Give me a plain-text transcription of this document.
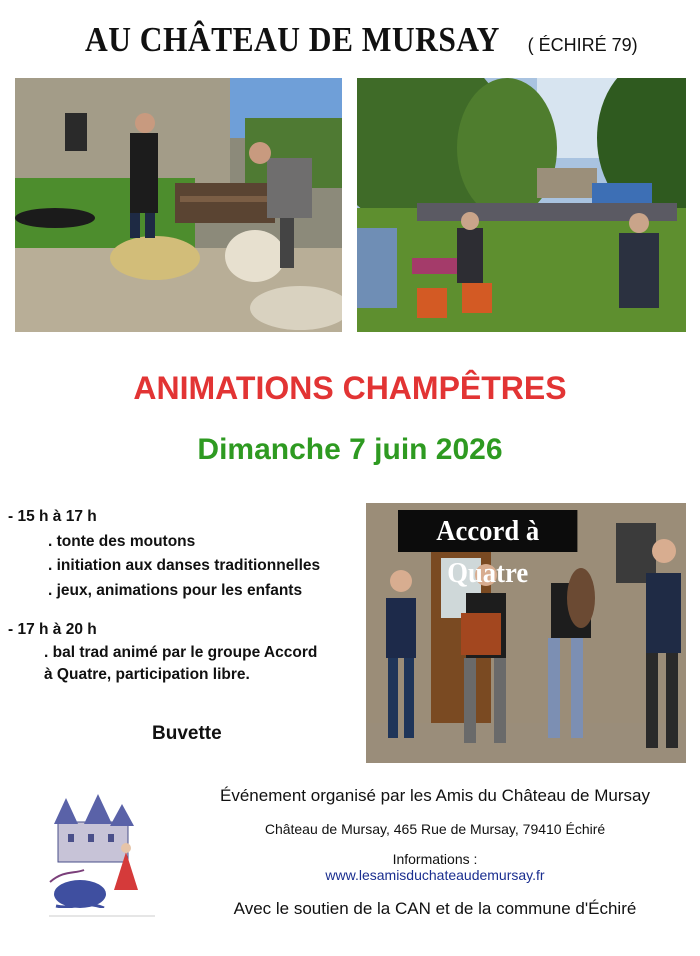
AU CHÂTEAU DE MURSAY ( ÉCHIRÉ 79)
ANIMATIONS CHAMPÊTRES
Dimanche 7 juin 2026
- 15 h à 17 h
. tonte des moutons
. initiation aux danses traditionnelles
. jeux, animations pour les enfants
- 17 h à 20 h
. bal trad animé par le groupe Accord
à Quatre, participation libre.
Buvette
Accord à Quatre
Événement organisé par les Amis du Château de Mursay
Château de Mursay, 465 Rue de Mursay, 79410 Échiré
Informations :
www.lesamisduchateaudemursay.fr
Avec le soutien de la CAN et de la commune d'Échiré
